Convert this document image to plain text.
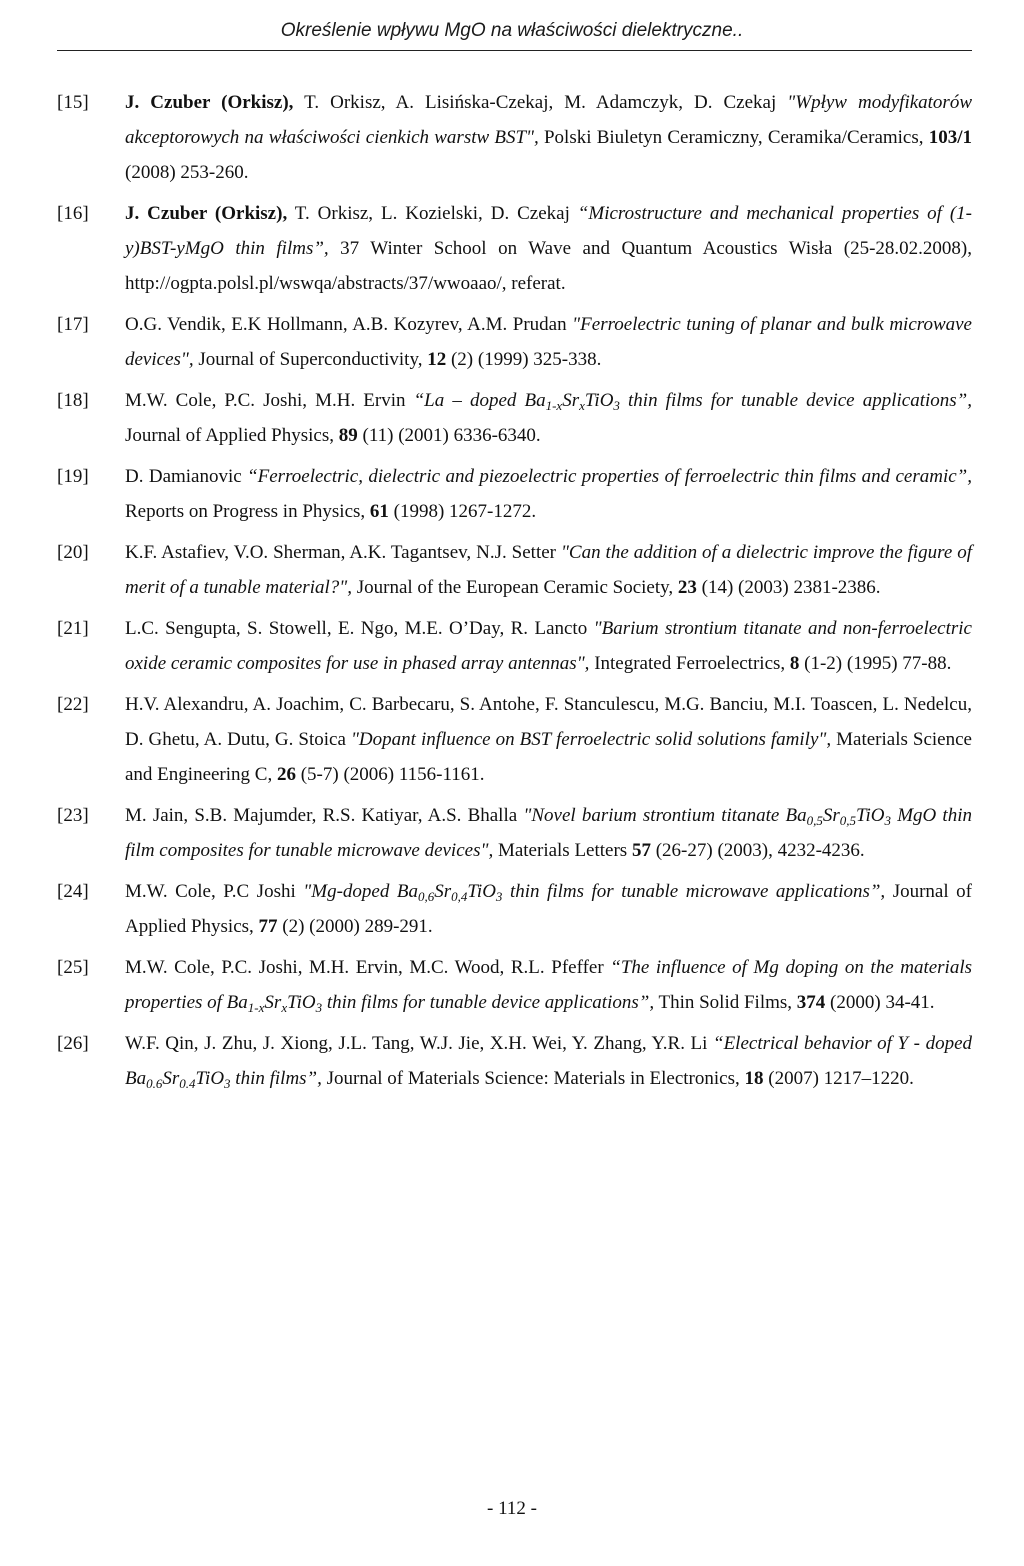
Określenie wpływu MgO na właściwości dielektryczne..
[15]	J. Czuber (Orkisz), T. Orkisz, A. Lisińska-Czekaj, M. Adamczyk, D. Czekaj "Wpływ modyfikatorów akceptorowych na właściwości cienkich warstw BST", Polski Biuletyn Ceramiczny, Ceramika/Ceramics, 103/1 (2008) 253-260.
[16]	J. Czuber (Orkisz), T. Orkisz, L. Kozielski, D. Czekaj “Microstructure and mechanical properties of (1-y)BST-yMgO thin films”, 37 Winter School on Wave and Quantum Acoustics Wisła (25-28.02.2008), http://ogpta.polsl.pl/wswqa/abstracts/37/wwoaao/, referat.
[17]	O.G. Vendik, E.K Hollmann, A.B. Kozyrev, A.M. Prudan "Ferroelectric tuning of planar and bulk microwave devices", Journal of Superconductivity, 12 (2) (1999) 325-338.
[18]	M.W. Cole, P.C. Joshi, M.H. Ervin “La – doped $Ba_{1-x}Sr_xTiO_3$ thin films for tunable device applications”, Journal of Applied Physics, 89 (11) (2001) 6336-6340.
[19]	D. Damianovic “Ferroelectric, dielectric and piezoelectric properties of ferroelectric thin films and ceramic”, Reports on Progress in Physics, 61 (1998) 1267-1272.
[20]	K.F. Astafiev, V.O. Sherman, A.K. Tagantsev, N.J. Setter "Can the addition of a dielectric improve the figure of merit of a tunable material?", Journal of the European Ceramic Society, 23 (14) (2003) 2381-2386.
[21]	L.C. Sengupta, S. Stowell, E. Ngo, M.E. O’Day, R. Lancto "Barium strontium titanate and non-ferroelectric oxide ceramic composites for use in phased array antennas", Integrated Ferroelectrics, 8 (1-2) (1995) 77-88.
[22]	H.V. Alexandru, A. Joachim, C. Barbecaru, S. Antohe, F. Stanculescu, M.G. Banciu, M.I. Toascen, L. Nedelcu, D. Ghetu, A. Dutu, G. Stoica "Dopant influence on BST ferroelectric solid solutions family", Materials Science and Engineering C, 26 (5-7) (2006) 1156-1161.
[23]	M. Jain, S.B. Majumder, R.S. Katiyar, A.S. Bhalla "Novel barium strontium titanate $Ba_{0,5}Sr_{0,5}TiO_3$ MgO thin film composites for tunable microwave devices", Materials Letters 57 (26-27) (2003), 4232-4236.
[24]	M.W. Cole, P.C Joshi "Mg-doped $Ba_{0,6}Sr_{0,4}TiO_3$ thin films for tunable microwave applications”, Journal of Applied Physics, 77 (2) (2000) 289-291.
[25]	M.W. Cole, P.C. Joshi, M.H. Ervin, M.C. Wood, R.L. Pfeffer “The influence of Mg doping on the materials properties of $Ba_{1-x}Sr_xTiO_3$ thin films for tunable device applications”, Thin Solid Films, 374 (2000) 34-41.
[26]	W.F. Qin, J. Zhu, J. Xiong, J.L. Tang, W.J. Jie, X.H. Wei, Y. Zhang, Y.R. Li “Electrical behavior of Y - doped $Ba_{0.6}Sr_{0.4}TiO_3$ thin films”, Journal of Materials Science: Materials in Electronics, 18 (2007) 1217–1220.
- 112 -
